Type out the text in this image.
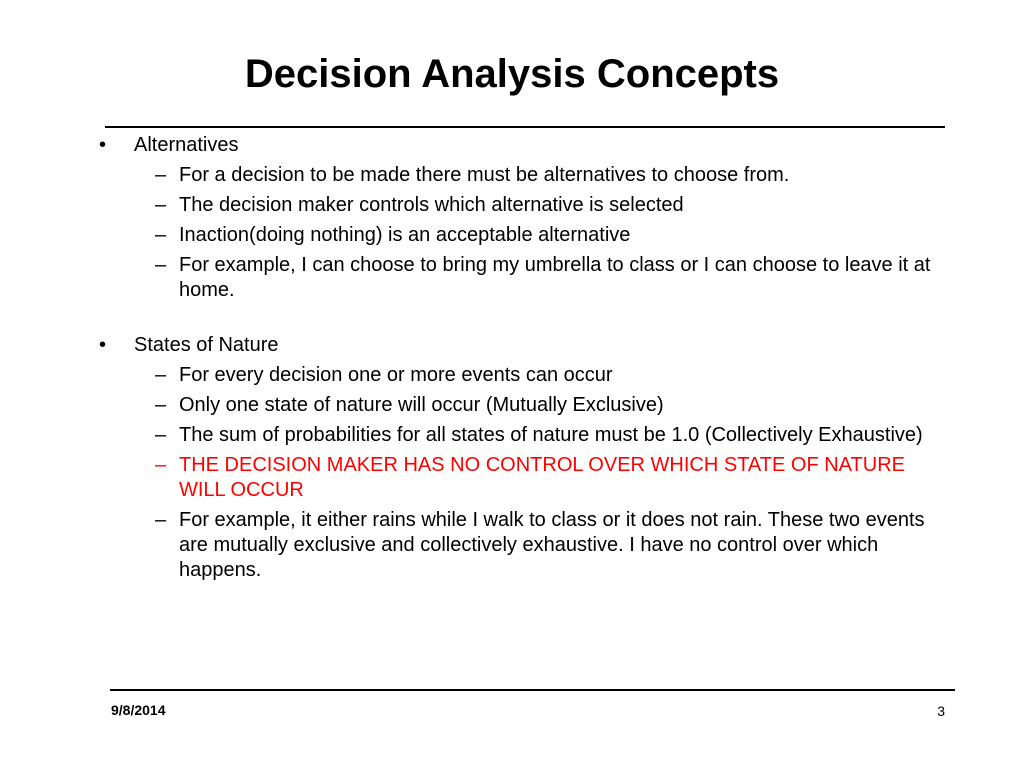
Decision Analysis Concepts
• Alternatives
– For a decision to be made there must be alternatives to choose from.
– The decision maker controls which alternative is selected
– Inaction(doing nothing) is an acceptable alternative
– For example, I can choose to bring my umbrella to class or I can choose to leave it at home.
• States of Nature
– For every decision one or more events can occur
– Only one state of nature will occur (Mutually Exclusive)
– The sum of probabilities for all states of nature must be 1.0 (Collectively Exhaustive)
– THE DECISION MAKER HAS NO CONTROL OVER WHICH STATE OF NATURE WILL OCCUR
– For example, it either rains while I walk to class or it does not rain. These two events are mutually exclusive and collectively exhaustive. I have no control over which happens.
9/8/2014	3
